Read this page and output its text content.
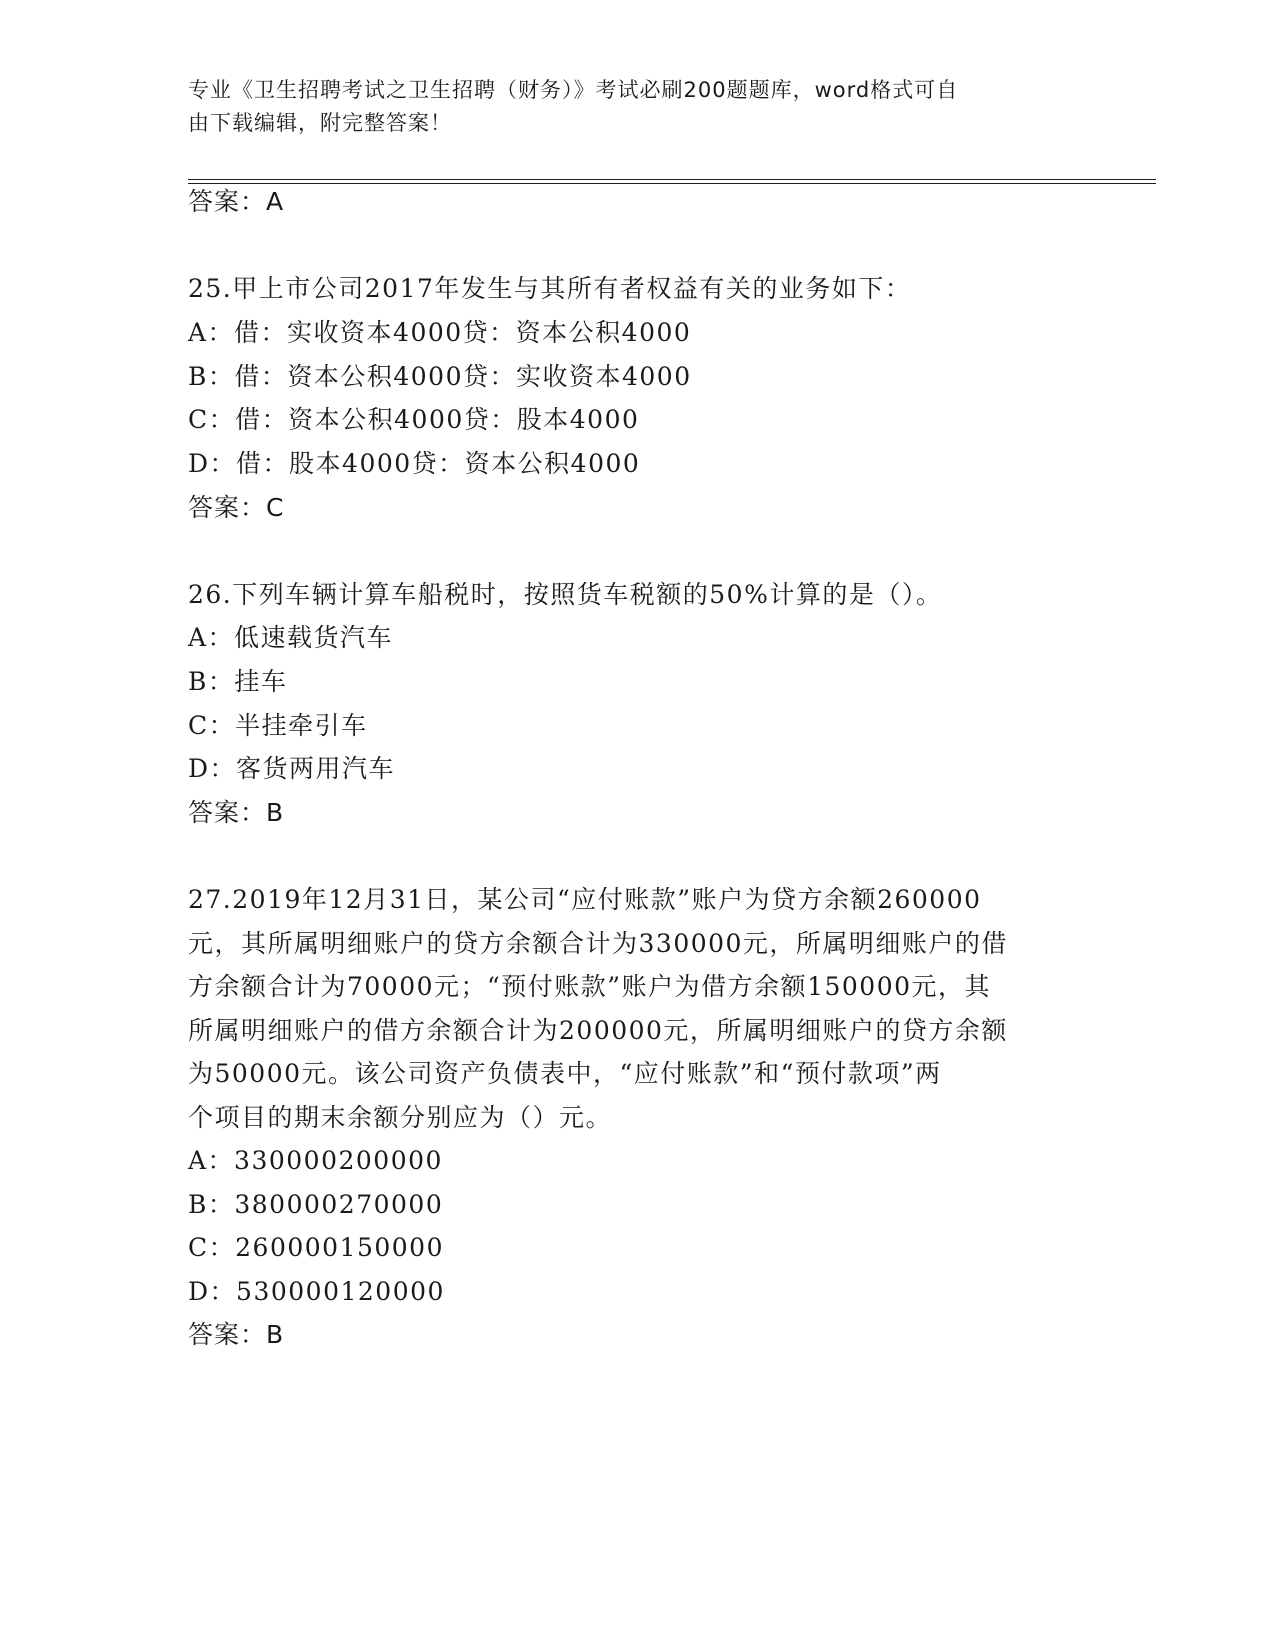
专业《卫生招聘考试之卫生招聘（财务）》考试必刷200题题库，word格式可自
由下载编辑，附完整答案！
答案：A
25.甲上市公司2017年发生与其所有者权益有关的业务如下：
A：借：实收资本4000贷：资本公积4000
B：借：资本公积4000贷：实收资本4000
C：借：资本公积4000贷：股本4000
D：借：股本4000贷：资本公积4000
答案：C
26.下列车辆计算车船税时，按照货车税额的50%计算的是（）。
A：低速载货汽车
B：挂车
C：半挂牵引车
D：客货两用汽车
答案：B
27.2019年12月31日，某公司“应付账款”账户为贷方余额260000
元，其所属明细账户的贷方余额合计为330000元，所属明细账户的借
方余额合计为70000元；“预付账款”账户为借方余额150000元，其
所属明细账户的借方余额合计为200000元，所属明细账户的贷方余额
为50000元。该公司资产负债表中，“应付账款”和“预付款项”两
个项目的期末余额分别应为（）元。
A：330000200000
B：380000270000
C：260000150000
D：530000120000
答案：B
